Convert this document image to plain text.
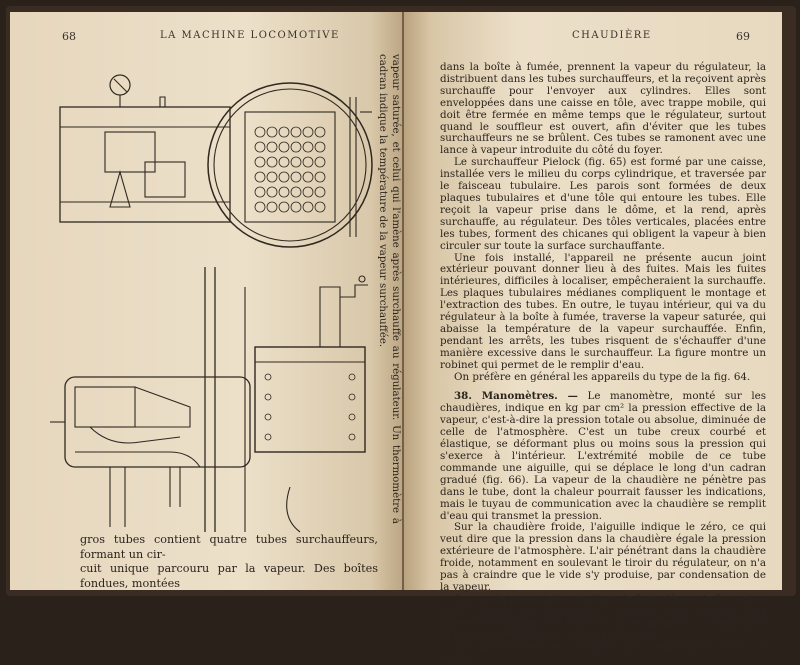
68	LA MACHINE LOCOMOTIVE
vapeur saturée, et celui qui l'amène après surchauffe au régulateur. Un thermomètre à cadran indique la température de la vapeur surchauffée.

gros tubes contient quatre tubes surchauffeurs, formant un cir-

cuit unique parcouru par la vapeur. Des boîtes fondues, montées

CHAUDIÈRE	69

dans la boîte à fumée, prennent la vapeur du régulateur, la distribuent dans les tubes surchauffeurs, et la reçoivent après surchauffe pour l'envoyer aux cylindres. Elles sont enveloppées dans une caisse en tôle, avec trappe mobile, qui doit être fermée en même temps que le régulateur, surtout quand le souffleur est ouvert, afin d'éviter que les tubes surchauffeurs ne se brûlent. Ces tubes se ramonent avec une lance à vapeur introduite du côté du foyer.

Le surchauffeur Pielock (fig. 65) est formé par une caisse, installée vers le milieu du corps cylindrique, et traversée par le faisceau tubulaire. Les parois sont formées de deux plaques tubulaires et d'une tôle qui entoure les tubes. Elle reçoit la vapeur prise dans le dôme, et la rend, après surchauffe, au régulateur. Des tôles verticales, placées entre les tubes, forment des chicanes qui obligent la vapeur à bien circuler sur toute la surface surchauffante.

Une fois installé, l'appareil ne présente aucun joint extérieur pouvant donner lieu à des fuites. Mais les fuites intérieures, difficiles à localiser, empêcheraient la surchauffe. Les plaques tubulaires médianes compliquent le montage et l'extraction des tubes. En outre, le tuyau intérieur, qui va du régulateur à la boîte à fumée, traverse la vapeur saturée, qui abaisse la température de la vapeur surchauffée. Enfin, pendant les arrêts, les tubes risquent de s'échauffer d'une manière excessive dans le surchauffeur. La figure montre un robinet qui permet de le remplir d'eau.

On préfère en général les appareils du type de la fig. 64.

38. Manomètres. — Le manomètre, monté sur les chaudières, indique en kg par cm² la pression effective de la vapeur, c'est-à-dire la pression totale ou absolue, diminuée de celle de l'atmosphère. C'est un tube creux courbé et élastique, se déformant plus ou moins sous la pression qui s'exerce à l'intérieur. L'extrémité mobile de ce tube commande une aiguille, qui se déplace le long d'un cadran gradué (fig. 66). La vapeur de la chaudière ne pénètre pas dans le tube, dont la chaleur pourrait fausser les indications, mais le tuyau de communication avec la chaudière se remplit d'eau qui transmet la pression.

Sur la chaudière froide, l'aiguille indique le zéro, ce qui veut dire que la pression dans la chaudière égale la pression extérieure de l'atmosphère. L'air pénétrant dans la chaudière froide, notamment en soulevant le tiroir du régulateur, on n'a pas à craindre que le vide s'y produise, par condensation de la vapeur.

Suivant la prescription de l'article 9 du décret du 9 octobre 1907, relatif aux appareils à vapeur, une marque très apparente indique, sur l'échelle du manomètre, la limite que la pression effective ne doit pas dépasser.

Les manomètres se vérifient par comparaison avec un mano-
